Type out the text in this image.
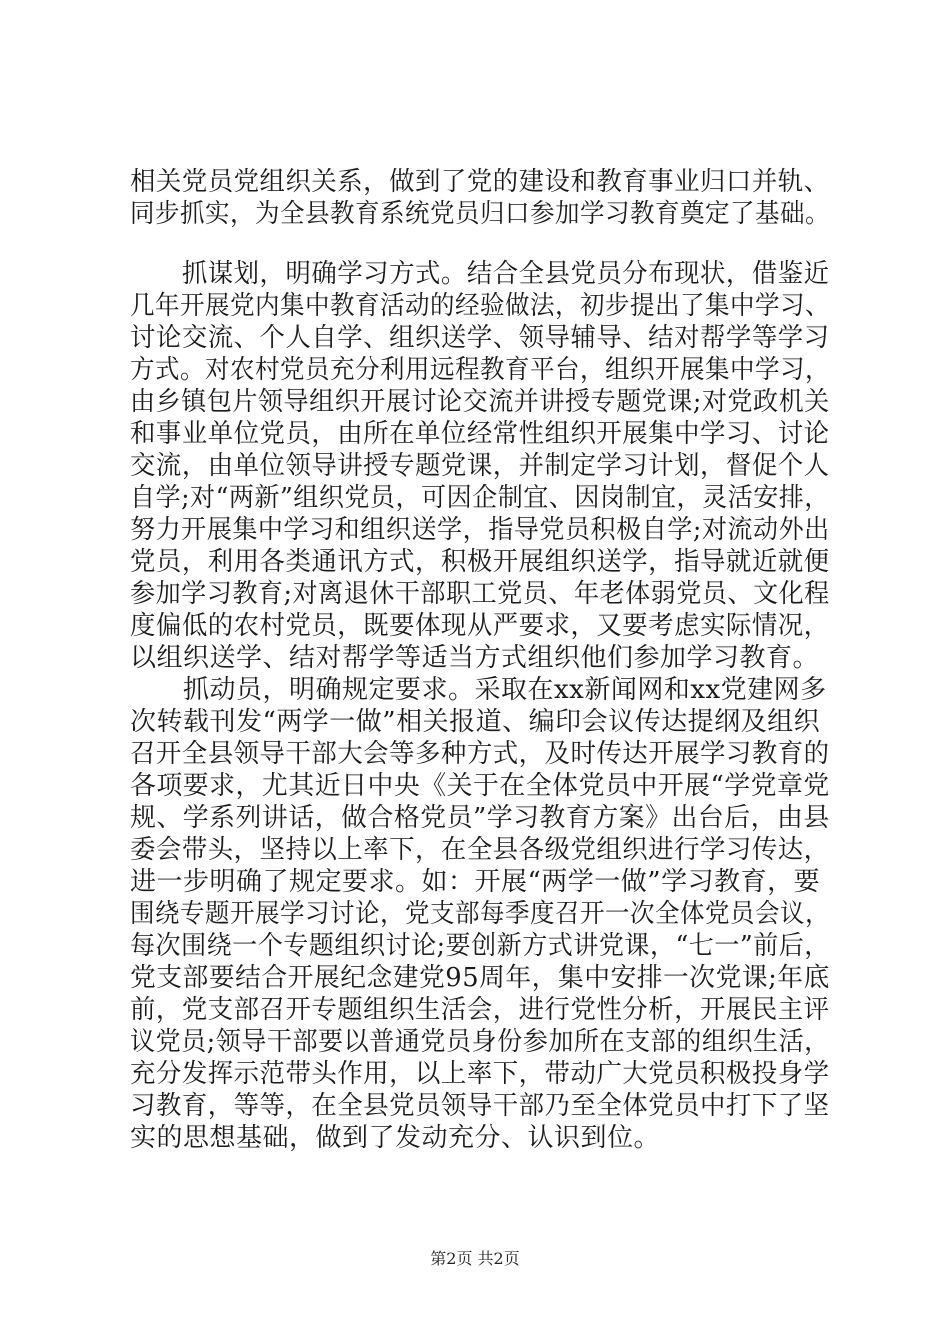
相关党员党组织关系，做到了党的建设和教育事业归口并轨、

同步抓实，为全县教育系统党员归口参加学习教育奠定了基础。

　　抓谋划，明确学习方式。结合全县党员分布现状，借鉴近

几年开展党内集中教育活动的经验做法，初步提出了集中学习、

讨论交流、个人自学、组织送学、领导辅导、结对帮学等学习

方式。对农村党员充分利用远程教育平台，组织开展集中学习，

由乡镇包片领导组织开展讨论交流并讲授专题党课;对党政机关

和事业单位党员，由所在单位经常性组织开展集中学习、讨论

交流，由单位领导讲授专题党课，并制定学习计划，督促个人

自学;对“两新”组织党员，可因企制宜、因岗制宜，灵活安排，

努力开展集中学习和组织送学，指导党员积极自学;对流动外出

党员，利用各类通讯方式，积极开展组织送学，指导就近就便

参加学习教育;对离退休干部职工党员、年老体弱党员、文化程

度偏低的农村党员，既要体现从严要求，又要考虑实际情况，

以组织送学、结对帮学等适当方式组织他们参加学习教育。

　　抓动员，明确规定要求。采取在xx新闻网和xx党建网多

次转载刊发“两学一做”相关报道、编印会议传达提纲及组织

召开全县领导干部大会等多种方式，及时传达开展学习教育的

各项要求，尤其近日中央《关于在全体党员中开展“学党章党

规、学系列讲话，做合格党员”学习教育方案》出台后，由县

委会带头，坚持以上率下，在全县各级党组织进行学习传达，

进一步明确了规定要求。如：开展“两学一做”学习教育，要

围绕专题开展学习讨论，党支部每季度召开一次全体党员会议，

每次围绕一个专题组织讨论;要创新方式讲党课，“七一”前后，

党支部要结合开展纪念建党95周年，集中安排一次党课;年底

前，党支部召开专题组织生活会，进行党性分析，开展民主评

议党员;领导干部要以普通党员身份参加所在支部的组织生活，

充分发挥示范带头作用，以上率下，带动广大党员积极投身学

习教育，等等，在全县党员领导干部乃至全体党员中打下了坚

实的思想基础，做到了发动充分、认识到位。

第2页 共2页
